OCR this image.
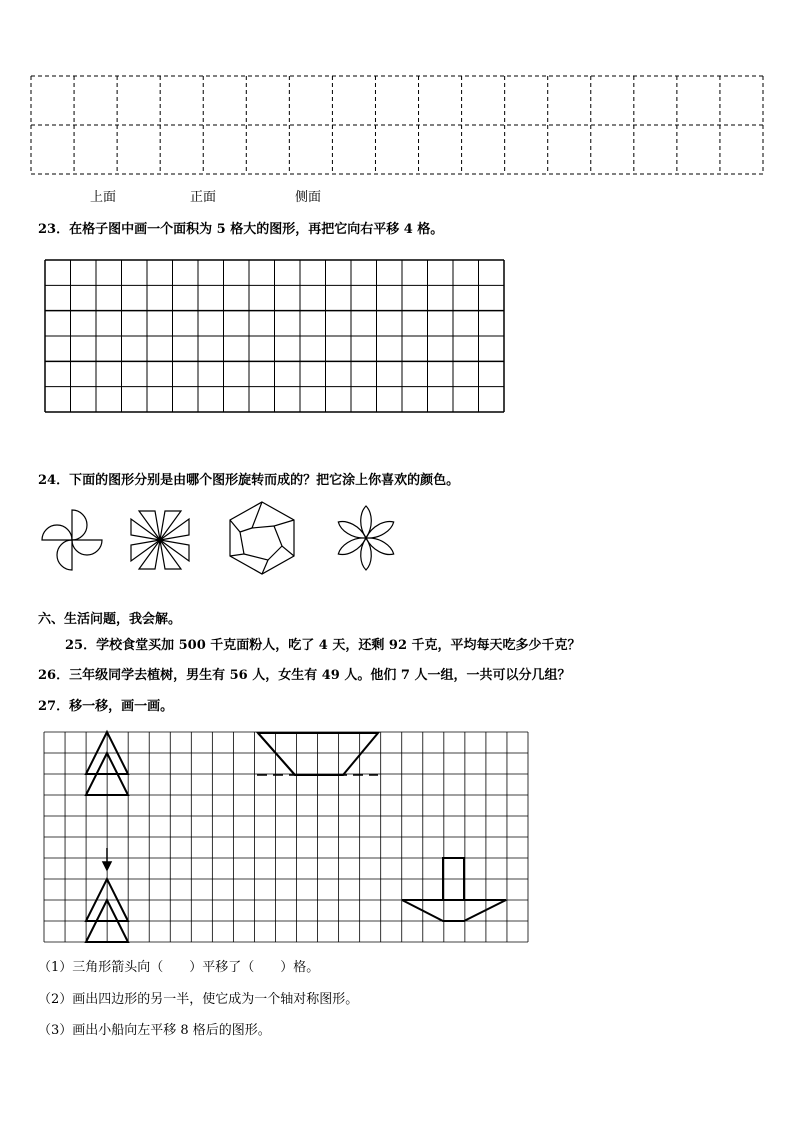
上面	正面	侧面
23．在格子图中画一个面积为 5 格大的图形，再把它向右平移 4 格。
24．下面的图形分别是由哪个图形旋转而成的？把它涂上你喜欢的颜色。
六、生活问题，我会解。
25．学校食堂买加 500 千克面粉人，吃了 4 天，还剩 92 千克，平均每天吃多少千克？
26．三年级同学去植树，男生有 56 人，女生有 49 人。他们 7 人一组，一共可以分几组？
27．移一移，画一画。
（1）三角形箭头向（　　）平移了（　　）格。
（2）画出四边形的另一半，使它成为一个轴对称图形。
（3）画出小船向左平移 8 格后的图形。
